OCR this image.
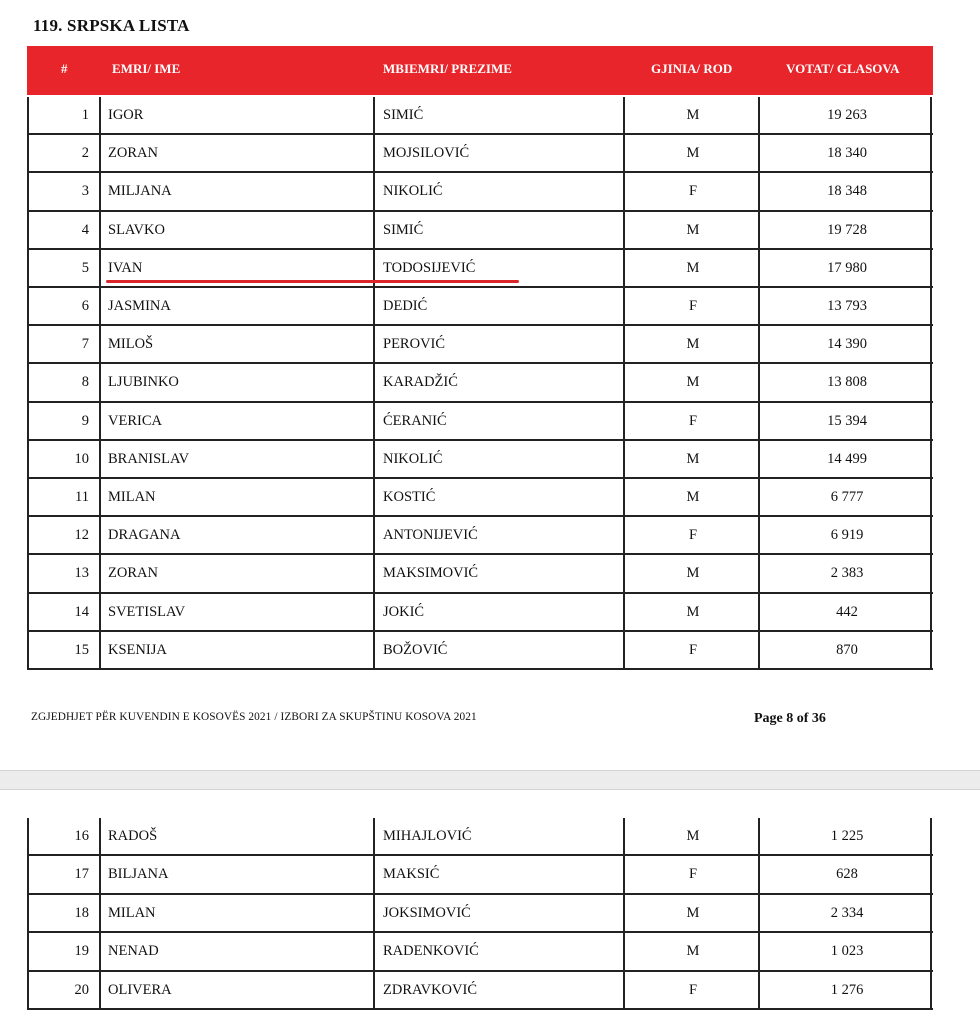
119. SRPSKA LISTA
#	EMRI/ IME	MBIEMRI/ PREZIME	GJINIA/ ROD	VOTAT/ GLASOVA
1 IGOR	SIMIĆ	M	19 263
2 ZORAN	MOJSILOVIĆ	M	18 340
3 MILJANA	NIKOLIĆ	F	18 348
4 SLAVKO	SIMIĆ	M	19 728
5 IVAN	TODOSIJEVIĆ	M	17 980
6 JASMINA	DEDIĆ	F	13 793
7 MILOŠ	PEROVIĆ	M	14 390
8 LJUBINKO	KARADŽIĆ	M	13 808
9 VERICA	ĆERANIĆ	F	15 394
10 BRANISLAV	NIKOLIĆ	M	14 499
11 MILAN	KOSTIĆ	M	6 777
12 DRAGANA	ANTONIJEVIĆ	F	6 919
13 ZORAN	MAKSIMOVIĆ	M	2 383
14 SVETISLAV	JOKIĆ	M	442
15 KSENIJA	BOŽOVIĆ	F	870
ZGJEDHJET PËR KUVENDIN E KOSOVËS 2021 / IZBORI ZA SKUPŠTINU KOSOVA 2021	Page 8 of 36
16 RADOŠ	MIHAJLOVIĆ	M	1 225
17 BILJANA	MAKSIĆ	F	628
18 MILAN	JOKSIMOVIĆ	M	2 334
19 NENAD	RADENKOVIĆ	M	1 023
20 OLIVERA	ZDRAVKOVIĆ	F	1 276
